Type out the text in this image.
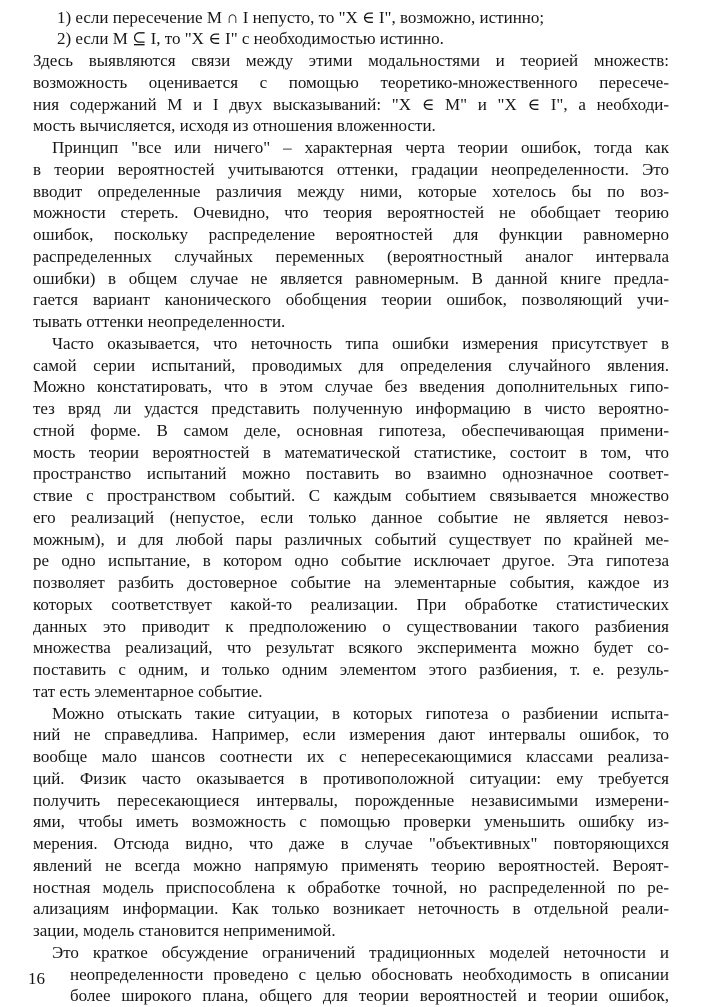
1) если пересечение M ∩ I непусто, то "X ∈ I", возможно, истинно;
2) если M ⊆ I, то "X ∈ I" с необходимостью истинно.
Здесь выявляются связи между этими модальностями и теорией множеств:
возможность оценивается с помощью теоретико-множественного пересече-
ния содержаний M и I двух высказываний: "X ∈ M" и "X ∈ I", а необходи-
мость вычисляется, исходя из отношения вложенности.
Принцип "все или ничего" – характерная черта теории ошибок, тогда как
в теории вероятностей учитываются оттенки, градации неопределенности. Это
вводит определенные различия между ними, которые хотелось бы по воз-
можности стереть. Очевидно, что теория вероятностей не обобщает теорию
ошибок, поскольку распределение вероятностей для функции равномерно
распределенных случайных переменных (вероятностный аналог интервала
ошибки) в общем случае не является равномерным. В данной книге предла-
гается вариант канонического обобщения теории ошибок, позволяющий учи-
тывать оттенки неопределенности.
Часто оказывается, что неточность типа ошибки измерения присутствует в
самой серии испытаний, проводимых для определения случайного явления.
Можно констатировать, что в этом случае без введения дополнительных гипо-
тез вряд ли удастся представить полученную информацию в чисто вероятно-
стной форме. В самом деле, основная гипотеза, обеспечивающая примени-
мость теории вероятностей в математической статистике, состоит в том, что
пространство испытаний можно поставить во взаимно однозначное соответ-
ствие с пространством событий. С каждым событием связывается множество
его реализаций (непустое, если только данное событие не является невоз-
можным), и для любой пары различных событий существует по крайней ме-
ре одно испытание, в котором одно событие исключает другое. Эта гипотеза
позволяет разбить достоверное событие на элементарные события, каждое из
которых соответствует какой-то реализации. При обработке статистических
данных это приводит к предположению о существовании такого разбиения
множества реализаций, что результат всякого эксперимента можно будет со-
поставить с одним, и только одним элементом этого разбиения, т. е. резуль-
тат есть элементарное событие.
Можно отыскать такие ситуации, в которых гипотеза о разбиении испыта-
ний не справедлива. Например, если измерения дают интервалы ошибок, то
вообще мало шансов соотнести их с непересекающимися классами реализа-
ций. Физик часто оказывается в противоположной ситуации: ему требуется
получить пересекающиеся интервалы, порожденные независимыми измерени-
ями, чтобы иметь возможность с помощью проверки уменьшить ошибку из-
мерения. Отсюда видно, что даже в случае "объективных" повторяющихся
явлений не всегда можно напрямую применять теорию вероятностей. Вероят-
ностная модель приспособлена к обработке точной, но распределенной по ре-
ализациям информации. Как только возникает неточность в отдельной реали-
зации, модель становится неприменимой.
Это краткое обсуждение ограничений традиционных моделей неточности и
неопределенности проведено с целью обосновать необходимость в описании
более широкого плана, общего для теории вероятностей и теории ошибок,
16
